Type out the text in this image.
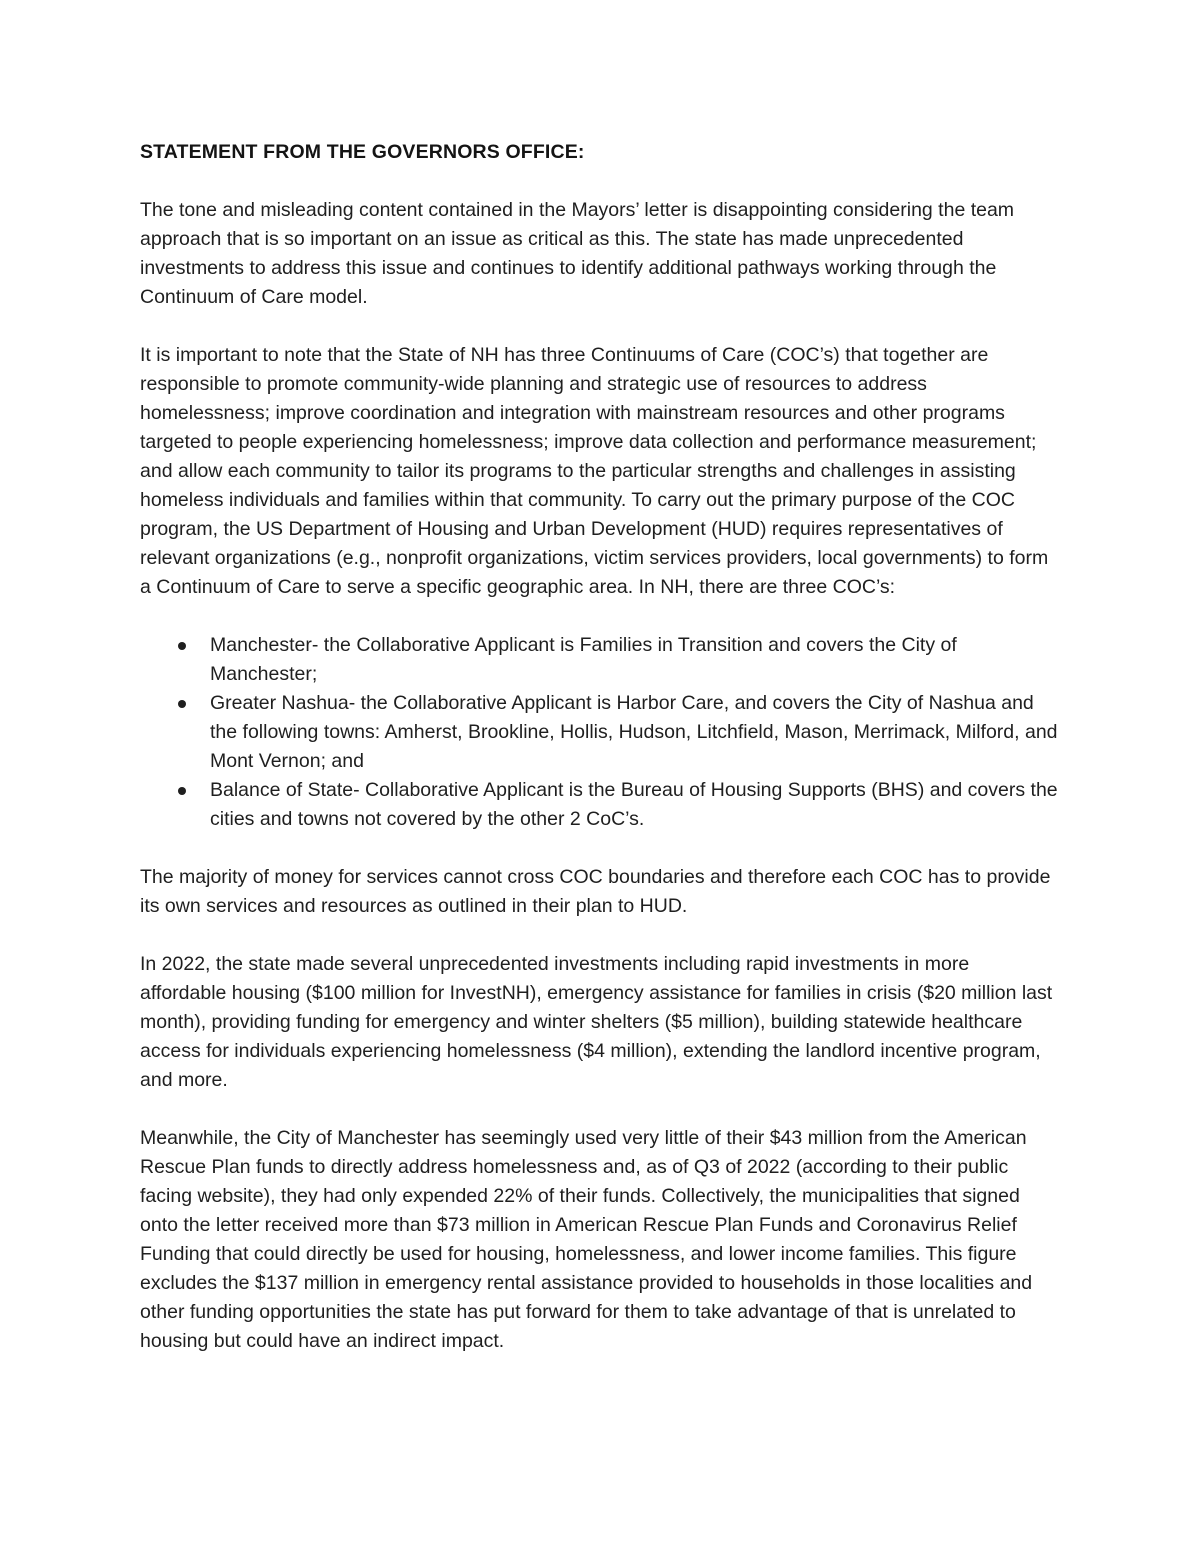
STATEMENT FROM THE GOVERNORS OFFICE:

The tone and misleading content contained in the Mayors’ letter is disappointing considering the team approach that is so important on an issue as critical as this. The state has made unprecedented investments to address this issue and continues to identify additional pathways working through the Continuum of Care model.

It is important to note that the State of NH has three Continuums of Care (COC’s) that together are responsible to promote community-wide planning and strategic use of resources to address homelessness; improve coordination and integration with mainstream resources and other programs targeted to people experiencing homelessness; improve data collection and performance measurement; and allow each community to tailor its programs to the particular strengths and challenges in assisting homeless individuals and families within that community. To carry out the primary purpose of the COC program, the US Department of Housing and Urban Development (HUD) requires representatives of relevant organizations (e.g., nonprofit organizations, victim services providers, local governments) to form a Continuum of Care to serve a specific geographic area. In NH, there are three COC’s:

Manchester- the Collaborative Applicant is Families in Transition and covers the City of Manchester;
Greater Nashua- the Collaborative Applicant is Harbor Care, and covers the City of Nashua and the following towns: Amherst, Brookline, Hollis, Hudson, Litchfield, Mason, Merrimack, Milford, and Mont Vernon; and
Balance of State- Collaborative Applicant is the Bureau of Housing Supports (BHS) and covers the cities and towns not covered by the other 2 CoC’s.

The majority of money for services cannot cross COC boundaries and therefore each COC has to provide its own services and resources as outlined in their plan to HUD.

In 2022, the state made several unprecedented investments including rapid investments in more affordable housing ($100 million for InvestNH), emergency assistance for families in crisis ($20 million last month), providing funding for emergency and winter shelters ($5 million), building statewide healthcare access for individuals experiencing homelessness ($4 million), extending the landlord incentive program, and more.

Meanwhile, the City of Manchester has seemingly used very little of their $43 million from the American Rescue Plan funds to directly address homelessness and, as of Q3 of 2022 (according to their public facing website), they had only expended 22% of their funds. Collectively, the municipalities that signed onto the letter received more than $73 million in American Rescue Plan Funds and Coronavirus Relief Funding that could directly be used for housing, homelessness, and lower income families. This figure excludes the $137 million in emergency rental assistance provided to households in those localities and other funding opportunities the state has put forward for them to take advantage of that is unrelated to housing but could have an indirect impact.
